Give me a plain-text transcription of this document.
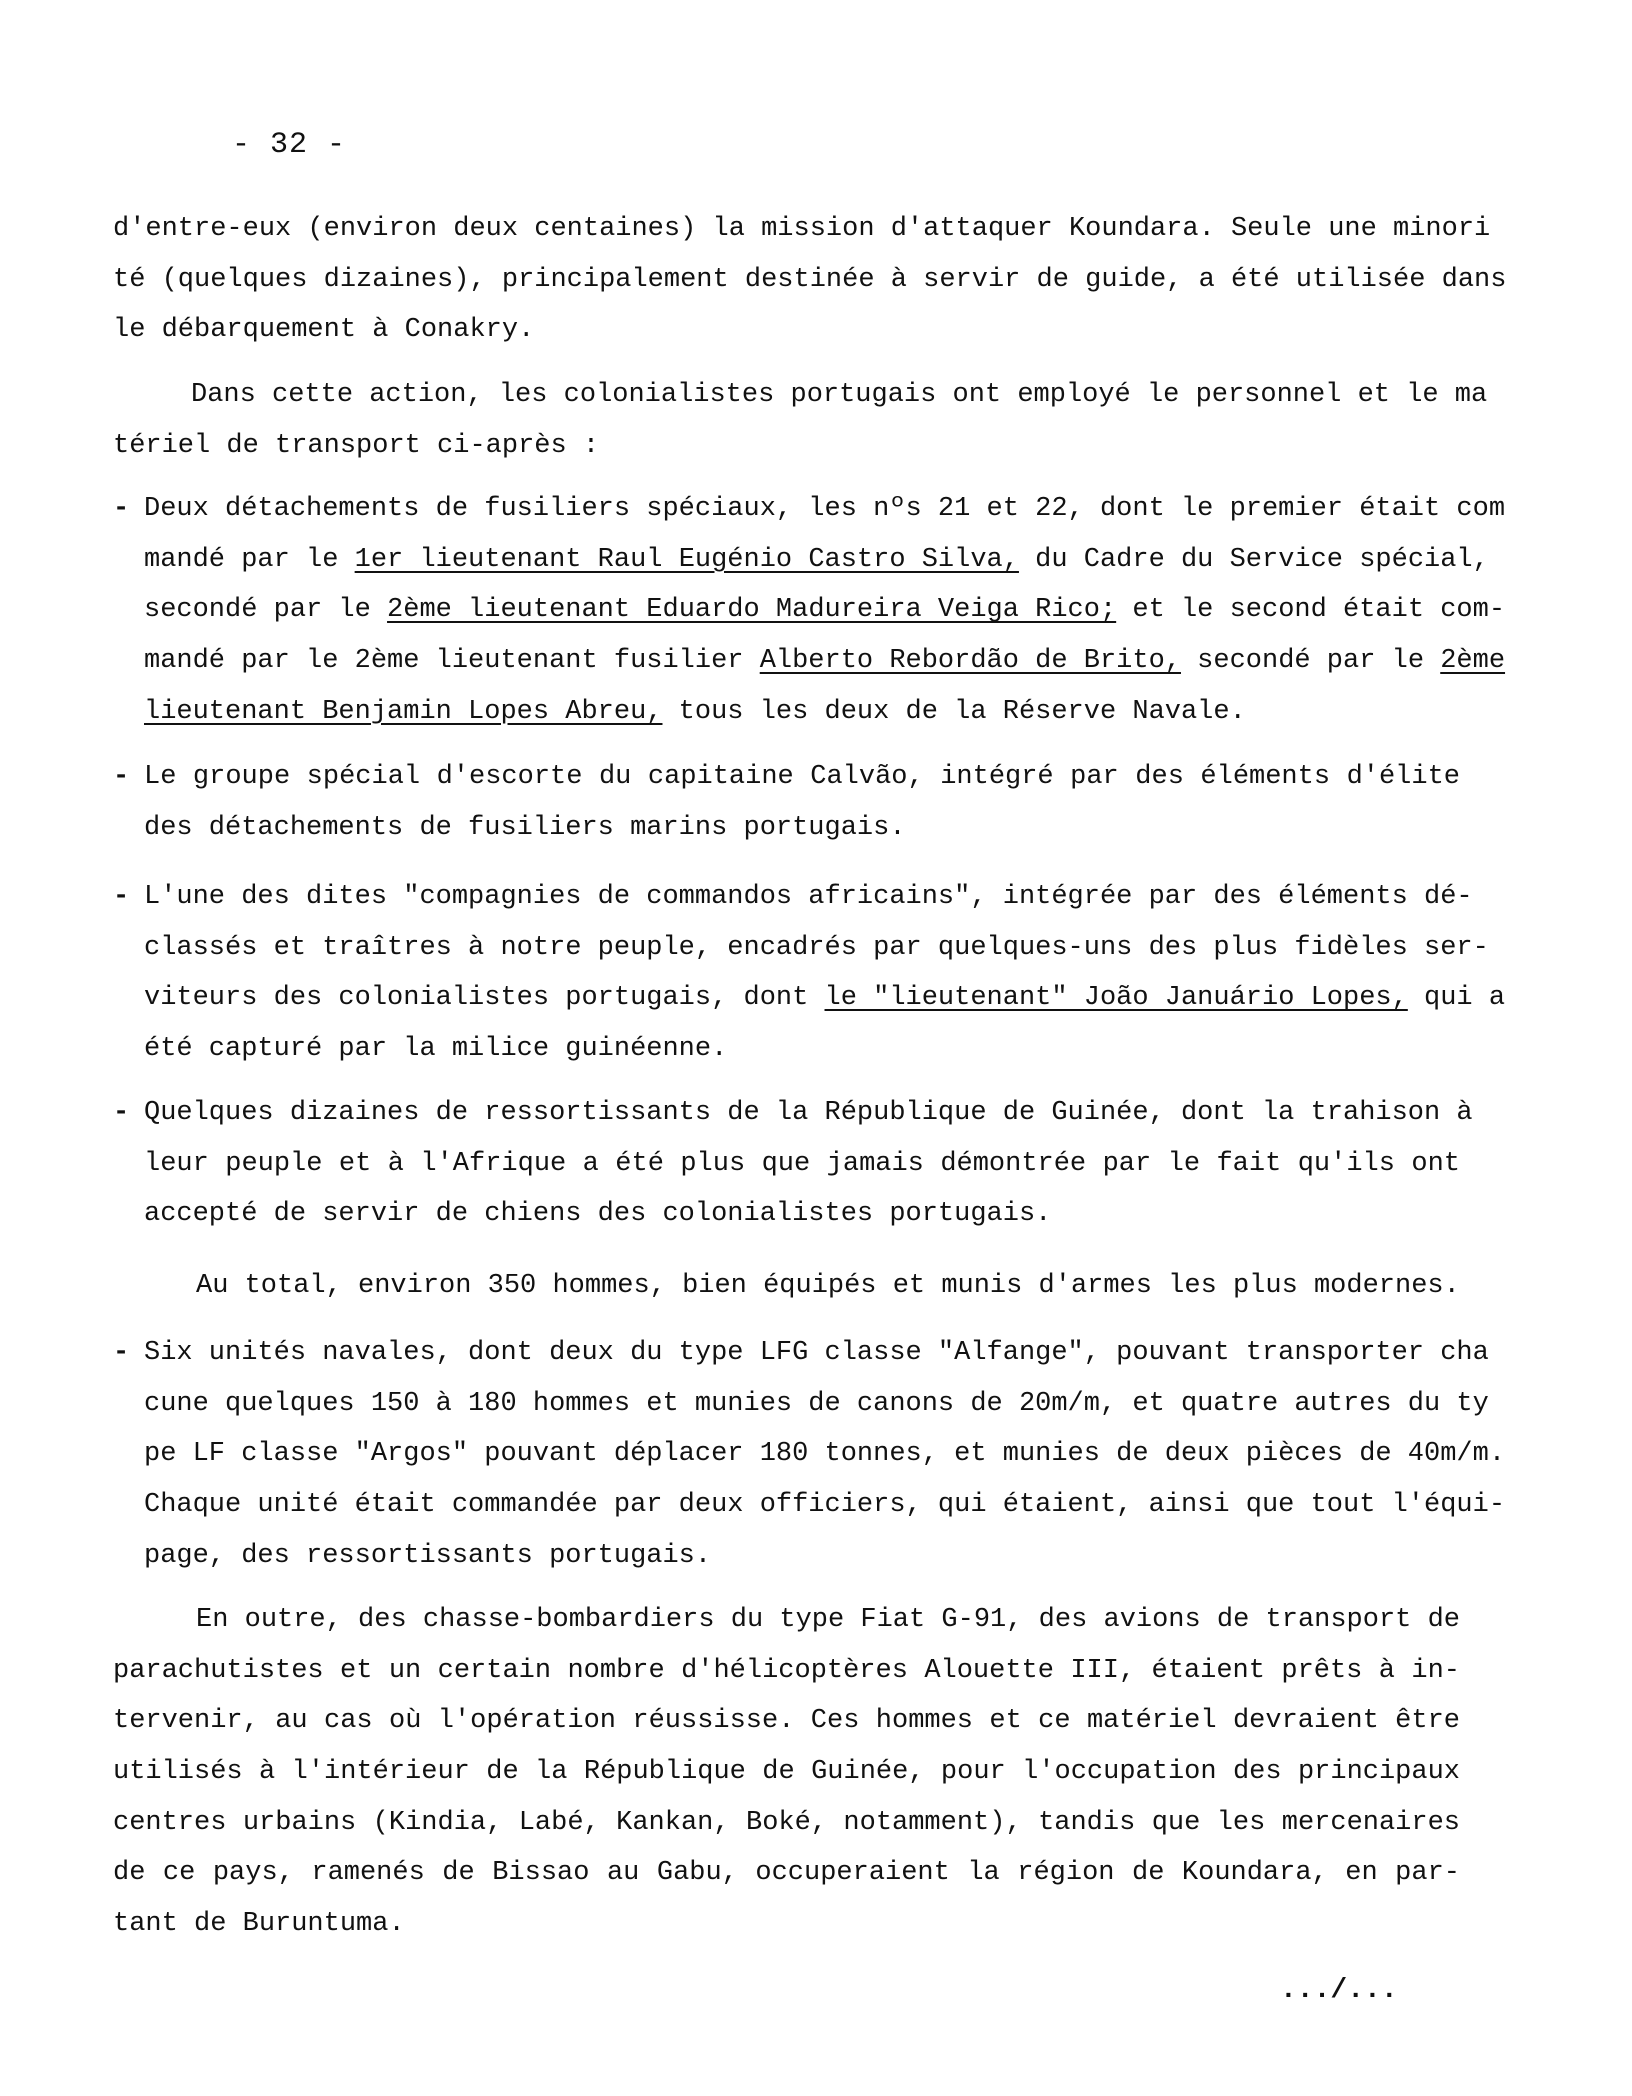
- 32 -
d'entre-eux (environ deux centaines) la mission d'attaquer Koundara. Seule une minori
té (quelques dizaines), principalement destinée à servir de guide, a été utilisée dans
le débarquement à Conakry.
Dans cette action, les colonialistes portugais ont employé le personnel et le ma
tériel de transport ci-après :
- Deux détachements de fusiliers spéciaux, les nºs 21 et 22, dont le premier était com
mandé par le 1er lieutenant Raul Eugénio Castro Silva, du Cadre du Service spécial,
secondé par le 2ème lieutenant Eduardo Madureira Veiga Rico; et le second était com-
mandé par le 2ème lieutenant fusilier Alberto Rebordão de Brito, secondé par le 2ème
lieutenant Benjamin Lopes Abreu, tous les deux de la Réserve Navale.
- Le groupe spécial d'escorte du capitaine Calvão, intégré par des éléments d'élite
des détachements de fusiliers marins portugais.
- L'une des dites "compagnies de commandos africains", intégrée par des éléments dé-
classés et traîtres à notre peuple, encadrés par quelques-uns des plus fidèles ser-
viteurs des colonialistes portugais, dont le "lieutenant" João Januário Lopes, qui a
été capturé par la milice guinéenne.
- Quelques dizaines de ressortissants de la République de Guinée, dont la trahison à
leur peuple et à l'Afrique a été plus que jamais démontrée par le fait qu'ils ont
accepté de servir de chiens des colonialistes portugais.
Au total, environ 350 hommes, bien équipés et munis d'armes les plus modernes.
- Six unités navales, dont deux du type LFG classe "Alfange", pouvant transporter cha
cune quelques 150 à 180 hommes et munies de canons de 20m/m, et quatre autres du ty
pe LF classe "Argos" pouvant déplacer 180 tonnes, et munies de deux pièces de 40m/m.
Chaque unité était commandée par deux officiers, qui étaient, ainsi que tout l'équi-
page, des ressortissants portugais.
En outre, des chasse-bombardiers du type Fiat G-91, des avions de transport de
parachutistes et un certain nombre d'hélicoptères Alouette III, étaient prêts à in-
tervenir, au cas où l'opération réussisse. Ces hommes et ce matériel devraient être
utilisés à l'intérieur de la République de Guinée, pour l'occupation des principaux
centres urbains (Kindia, Labé, Kankan, Boké, notamment), tandis que les mercenaires
de ce pays, ramenés de Bissao au Gabu, occuperaient la région de Koundara, en par-
tant de Buruntuma.
.../...
